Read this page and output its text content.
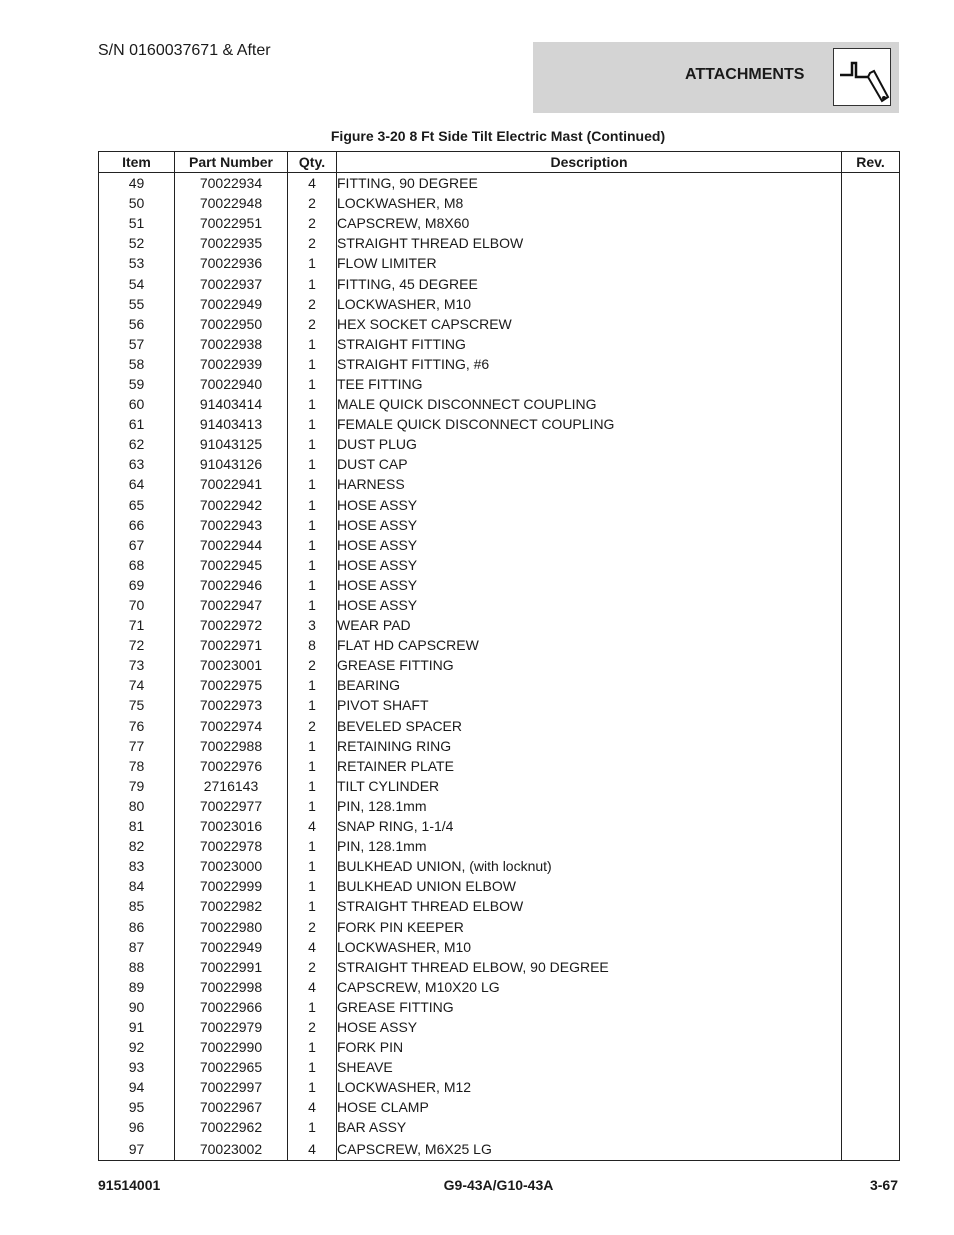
S/N 0160037671 & After
ATTACHMENTS
Figure 3-20 8 Ft Side Tilt Electric Mast (Continued)
Item	Part Number	Qty.	Description	Rev.
49	70022934	4	FITTING, 90 DEGREE	
50	70022948	2	LOCKWASHER, M8	
51	70022951	2	CAPSCREW, M8X60	
52	70022935	2	STRAIGHT THREAD ELBOW	
53	70022936	1	FLOW LIMITER	
54	70022937	1	FITTING, 45 DEGREE	
55	70022949	2	LOCKWASHER, M10	
56	70022950	2	HEX SOCKET CAPSCREW	
57	70022938	1	STRAIGHT FITTING	
58	70022939	1	STRAIGHT FITTING, #6	
59	70022940	1	TEE FITTING	
60	91403414	1	MALE QUICK DISCONNECT COUPLING	
61	91403413	1	FEMALE QUICK DISCONNECT COUPLING	
62	91043125	1	DUST PLUG	
63	91043126	1	DUST CAP	
64	70022941	1	HARNESS	
65	70022942	1	HOSE ASSY	
66	70022943	1	HOSE ASSY	
67	70022944	1	HOSE ASSY	
68	70022945	1	HOSE ASSY	
69	70022946	1	HOSE ASSY	
70	70022947	1	HOSE ASSY	
71	70022972	3	WEAR PAD	
72	70022971	8	FLAT HD CAPSCREW	
73	70023001	2	GREASE FITTING	
74	70022975	1	BEARING	
75	70022973	1	PIVOT SHAFT	
76	70022974	2	BEVELED SPACER	
77	70022988	1	RETAINING RING	
78	70022976	1	RETAINER PLATE	
79	2716143	1	TILT CYLINDER	
80	70022977	1	PIN, 128.1mm	
81	70023016	4	SNAP RING, 1-1/4	
82	70022978	1	PIN, 128.1mm	
83	70023000	1	BULKHEAD UNION, (with locknut)	
84	70022999	1	BULKHEAD UNION ELBOW	
85	70022982	1	STRAIGHT THREAD ELBOW	
86	70022980	2	FORK PIN KEEPER	
87	70022949	4	LOCKWASHER, M10	
88	70022991	2	STRAIGHT THREAD ELBOW, 90 DEGREE	
89	70022998	4	CAPSCREW, M10X20 LG	
90	70022966	1	GREASE FITTING	
91	70022979	2	HOSE ASSY	
92	70022990	1	FORK PIN	
93	70022965	1	SHEAVE	
94	70022997	1	LOCKWASHER, M12	
95	70022967	4	HOSE CLAMP	
96	70022962	1	BAR ASSY	
97	70023002	4	CAPSCREW, M6X25 LG	
91514001	G9-43A/G10-43A	3-67
